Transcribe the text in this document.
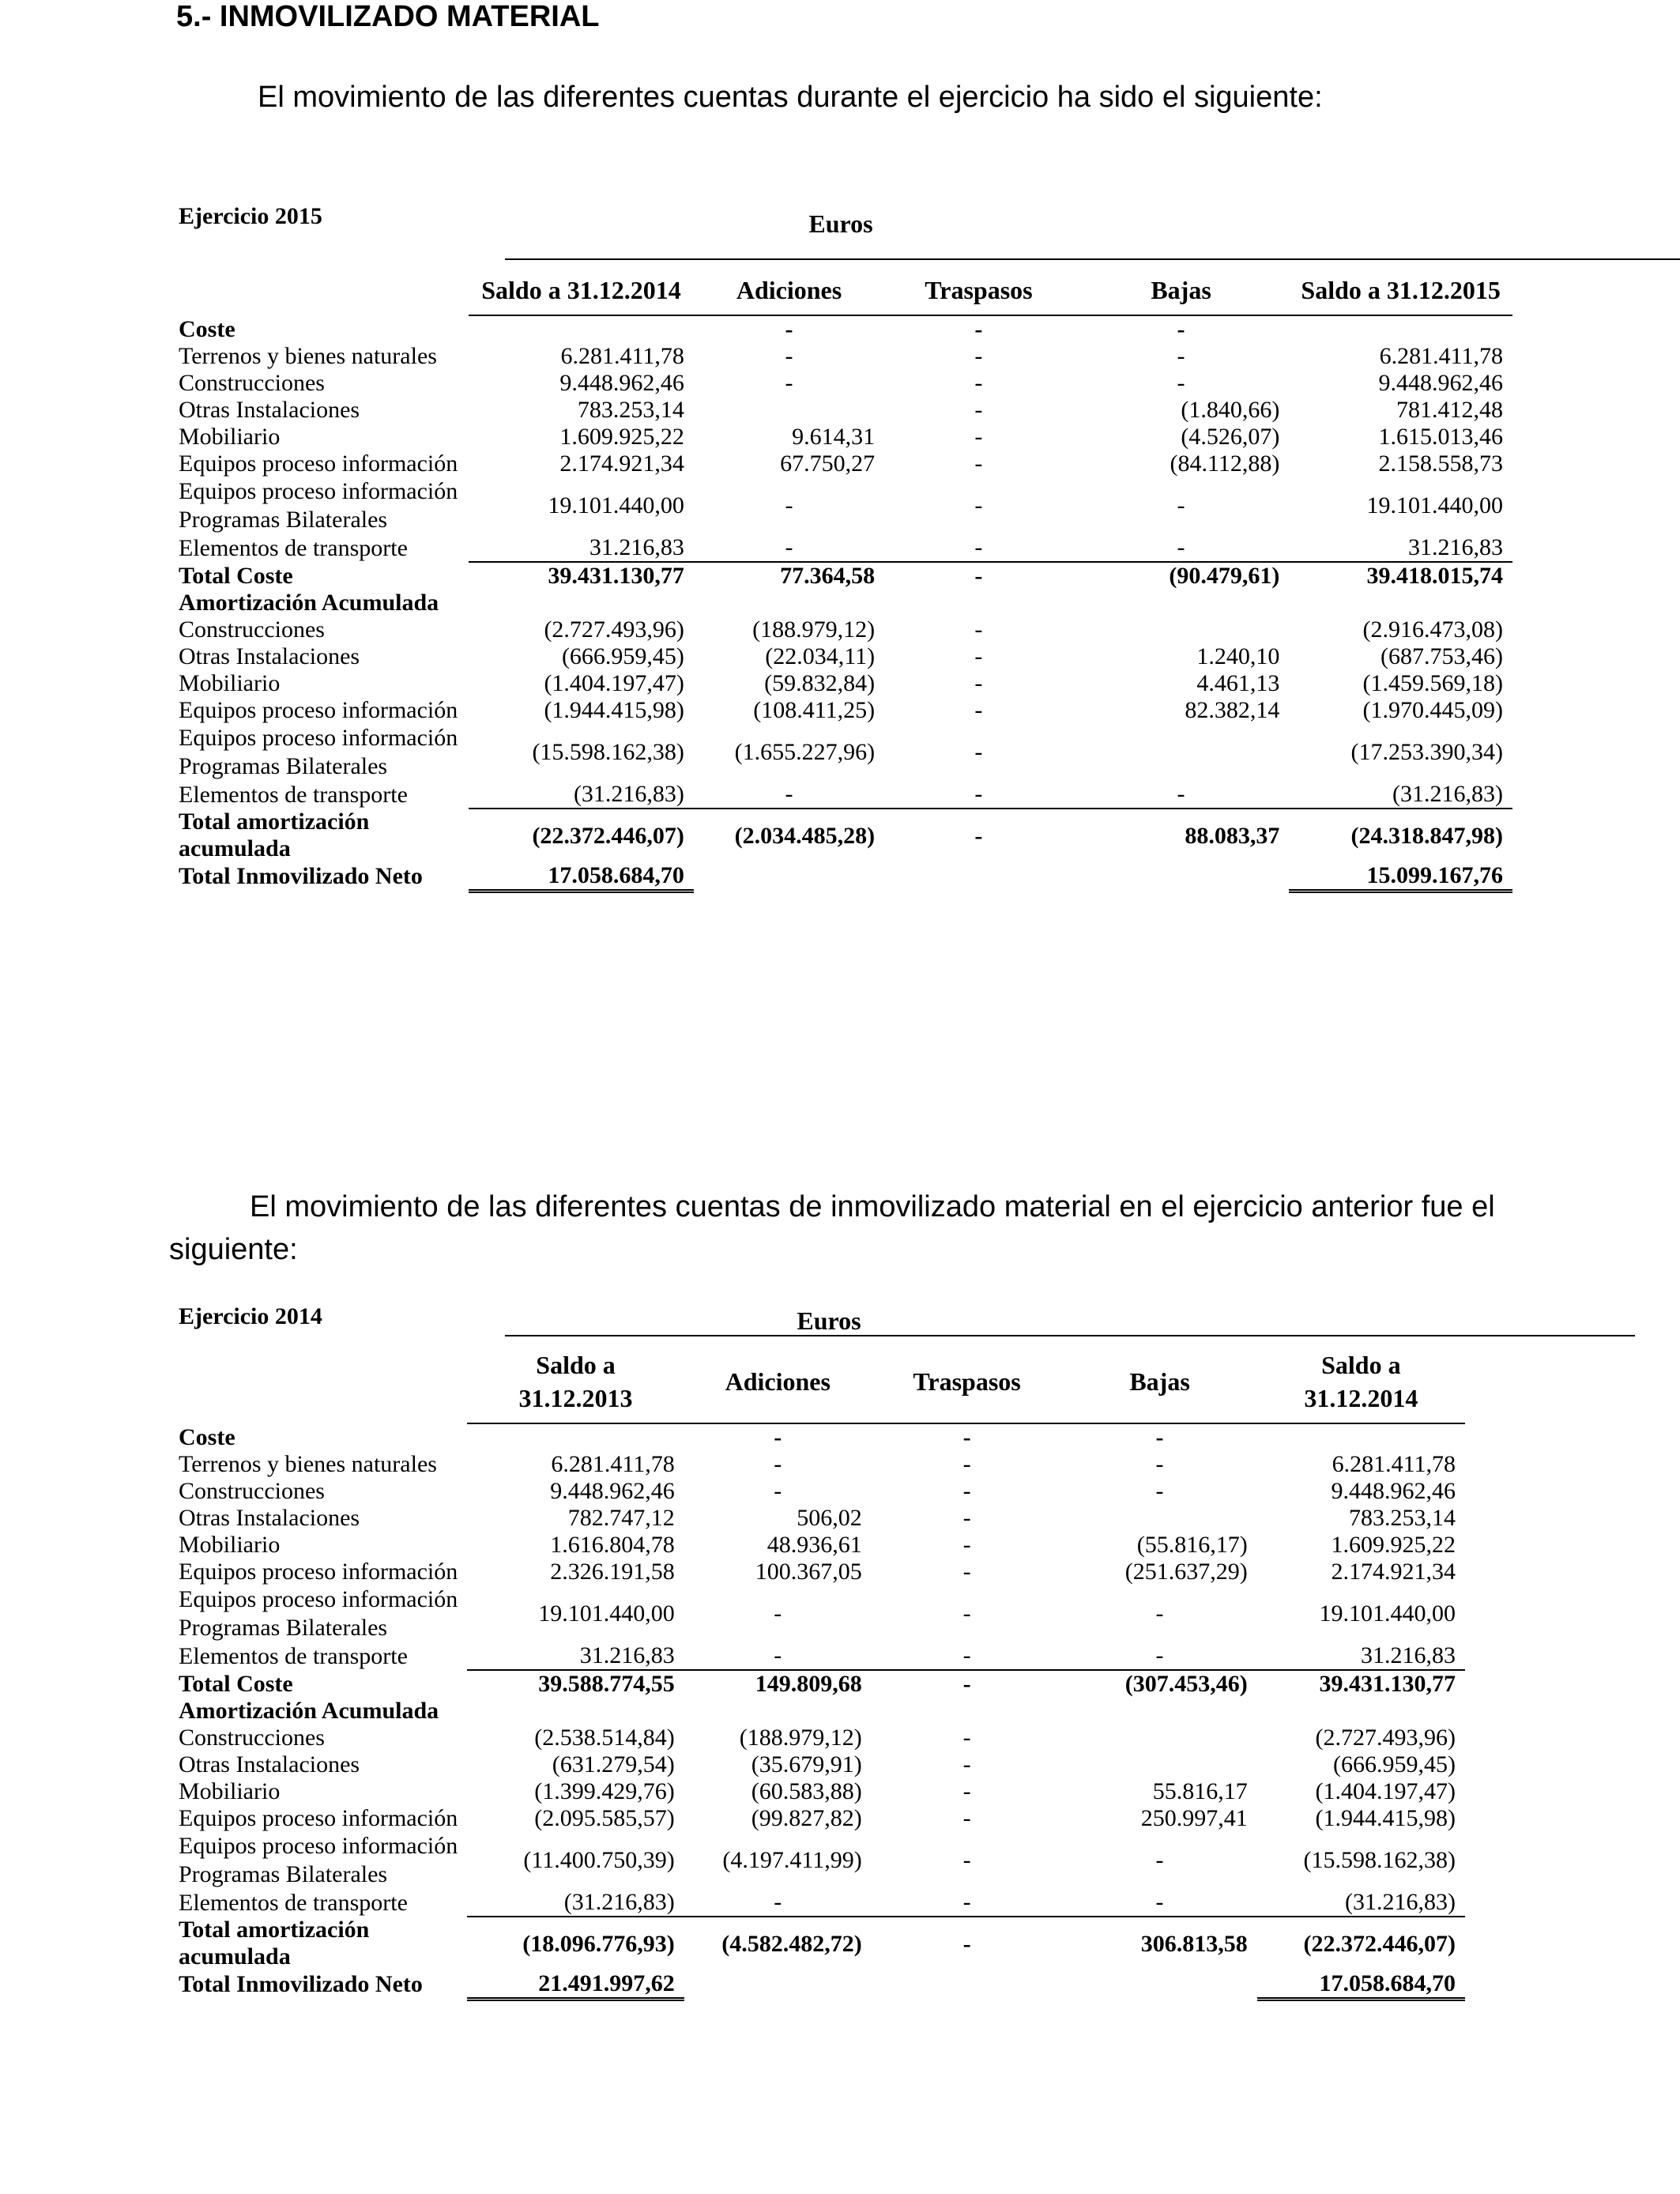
5.- INMOVILIZADO MATERIAL

El movimiento de las diferentes cuentas durante el ejercicio ha sido el siguiente:

Ejercicio 2015	Euros
	Saldo a 31.12.2014	Adiciones	Traspasos	Bajas	Saldo a 31.12.2015
Coste		-	-	-	
Terrenos y bienes naturales	6.281.411,78	-	-	-	6.281.411,78
Construcciones	9.448.962,46	-	-	-	9.448.962,46
Otras Instalaciones	783.253,14		-	(1.840,66)	781.412,48
Mobiliario	1.609.925,22	9.614,31	-	(4.526,07)	1.615.013,46
Equipos proceso información	2.174.921,34	67.750,27	-	(84.112,88)	2.158.558,73
Equipos proceso información Programas Bilaterales	19.101.440,00	-	-	-	19.101.440,00
Elementos de transporte	31.216,83	-	-	-	31.216,83
Total Coste	39.431.130,77	77.364,58	-	(90.479,61)	39.418.015,74
Amortización Acumulada					
Construcciones	(2.727.493,96)	(188.979,12)	-		(2.916.473,08)
Otras Instalaciones	(666.959,45)	(22.034,11)	-	1.240,10	(687.753,46)
Mobiliario	(1.404.197,47)	(59.832,84)	-	4.461,13	(1.459.569,18)
Equipos proceso información	(1.944.415,98)	(108.411,25)	-	82.382,14	(1.970.445,09)
Equipos proceso información Programas Bilaterales	(15.598.162,38)	(1.655.227,96)	-		(17.253.390,34)
Elementos de transporte	(31.216,83)	-	-	-	(31.216,83)
Total amortización acumulada	(22.372.446,07)	(2.034.485,28)	-	88.083,37	(24.318.847,98)
Total Inmovilizado Neto	17.058.684,70				15.099.167,76

El movimiento de las diferentes cuentas de inmovilizado material en el ejercicio anterior fue el siguiente:

Ejercicio 2014	Euros
	Saldo a 31.12.2013	Adiciones	Traspasos	Bajas	Saldo a 31.12.2014
Coste		-	-	-	
Terrenos y bienes naturales	6.281.411,78	-	-	-	6.281.411,78
Construcciones	9.448.962,46	-	-	-	9.448.962,46
Otras Instalaciones	782.747,12	506,02	-		783.253,14
Mobiliario	1.616.804,78	48.936,61	-	(55.816,17)	1.609.925,22
Equipos proceso información	2.326.191,58	100.367,05	-	(251.637,29)	2.174.921,34
Equipos proceso información Programas Bilaterales	19.101.440,00	-	-	-	19.101.440,00
Elementos de transporte	31.216,83	-	-	-	31.216,83
Total Coste	39.588.774,55	149.809,68	-	(307.453,46)	39.431.130,77
Amortización Acumulada					
Construcciones	(2.538.514,84)	(188.979,12)	-		(2.727.493,96)
Otras Instalaciones	(631.279,54)	(35.679,91)	-		(666.959,45)
Mobiliario	(1.399.429,76)	(60.583,88)	-	55.816,17	(1.404.197,47)
Equipos proceso información	(2.095.585,57)	(99.827,82)	-	250.997,41	(1.944.415,98)
Equipos proceso información Programas Bilaterales	(11.400.750,39)	(4.197.411,99)	-	-	(15.598.162,38)
Elementos de transporte	(31.216,83)	-	-	-	(31.216,83)
Total amortización acumulada	(18.096.776,93)	(4.582.482,72)	-	306.813,58	(22.372.446,07)
Total Inmovilizado Neto	21.491.997,62				17.058.684,70
